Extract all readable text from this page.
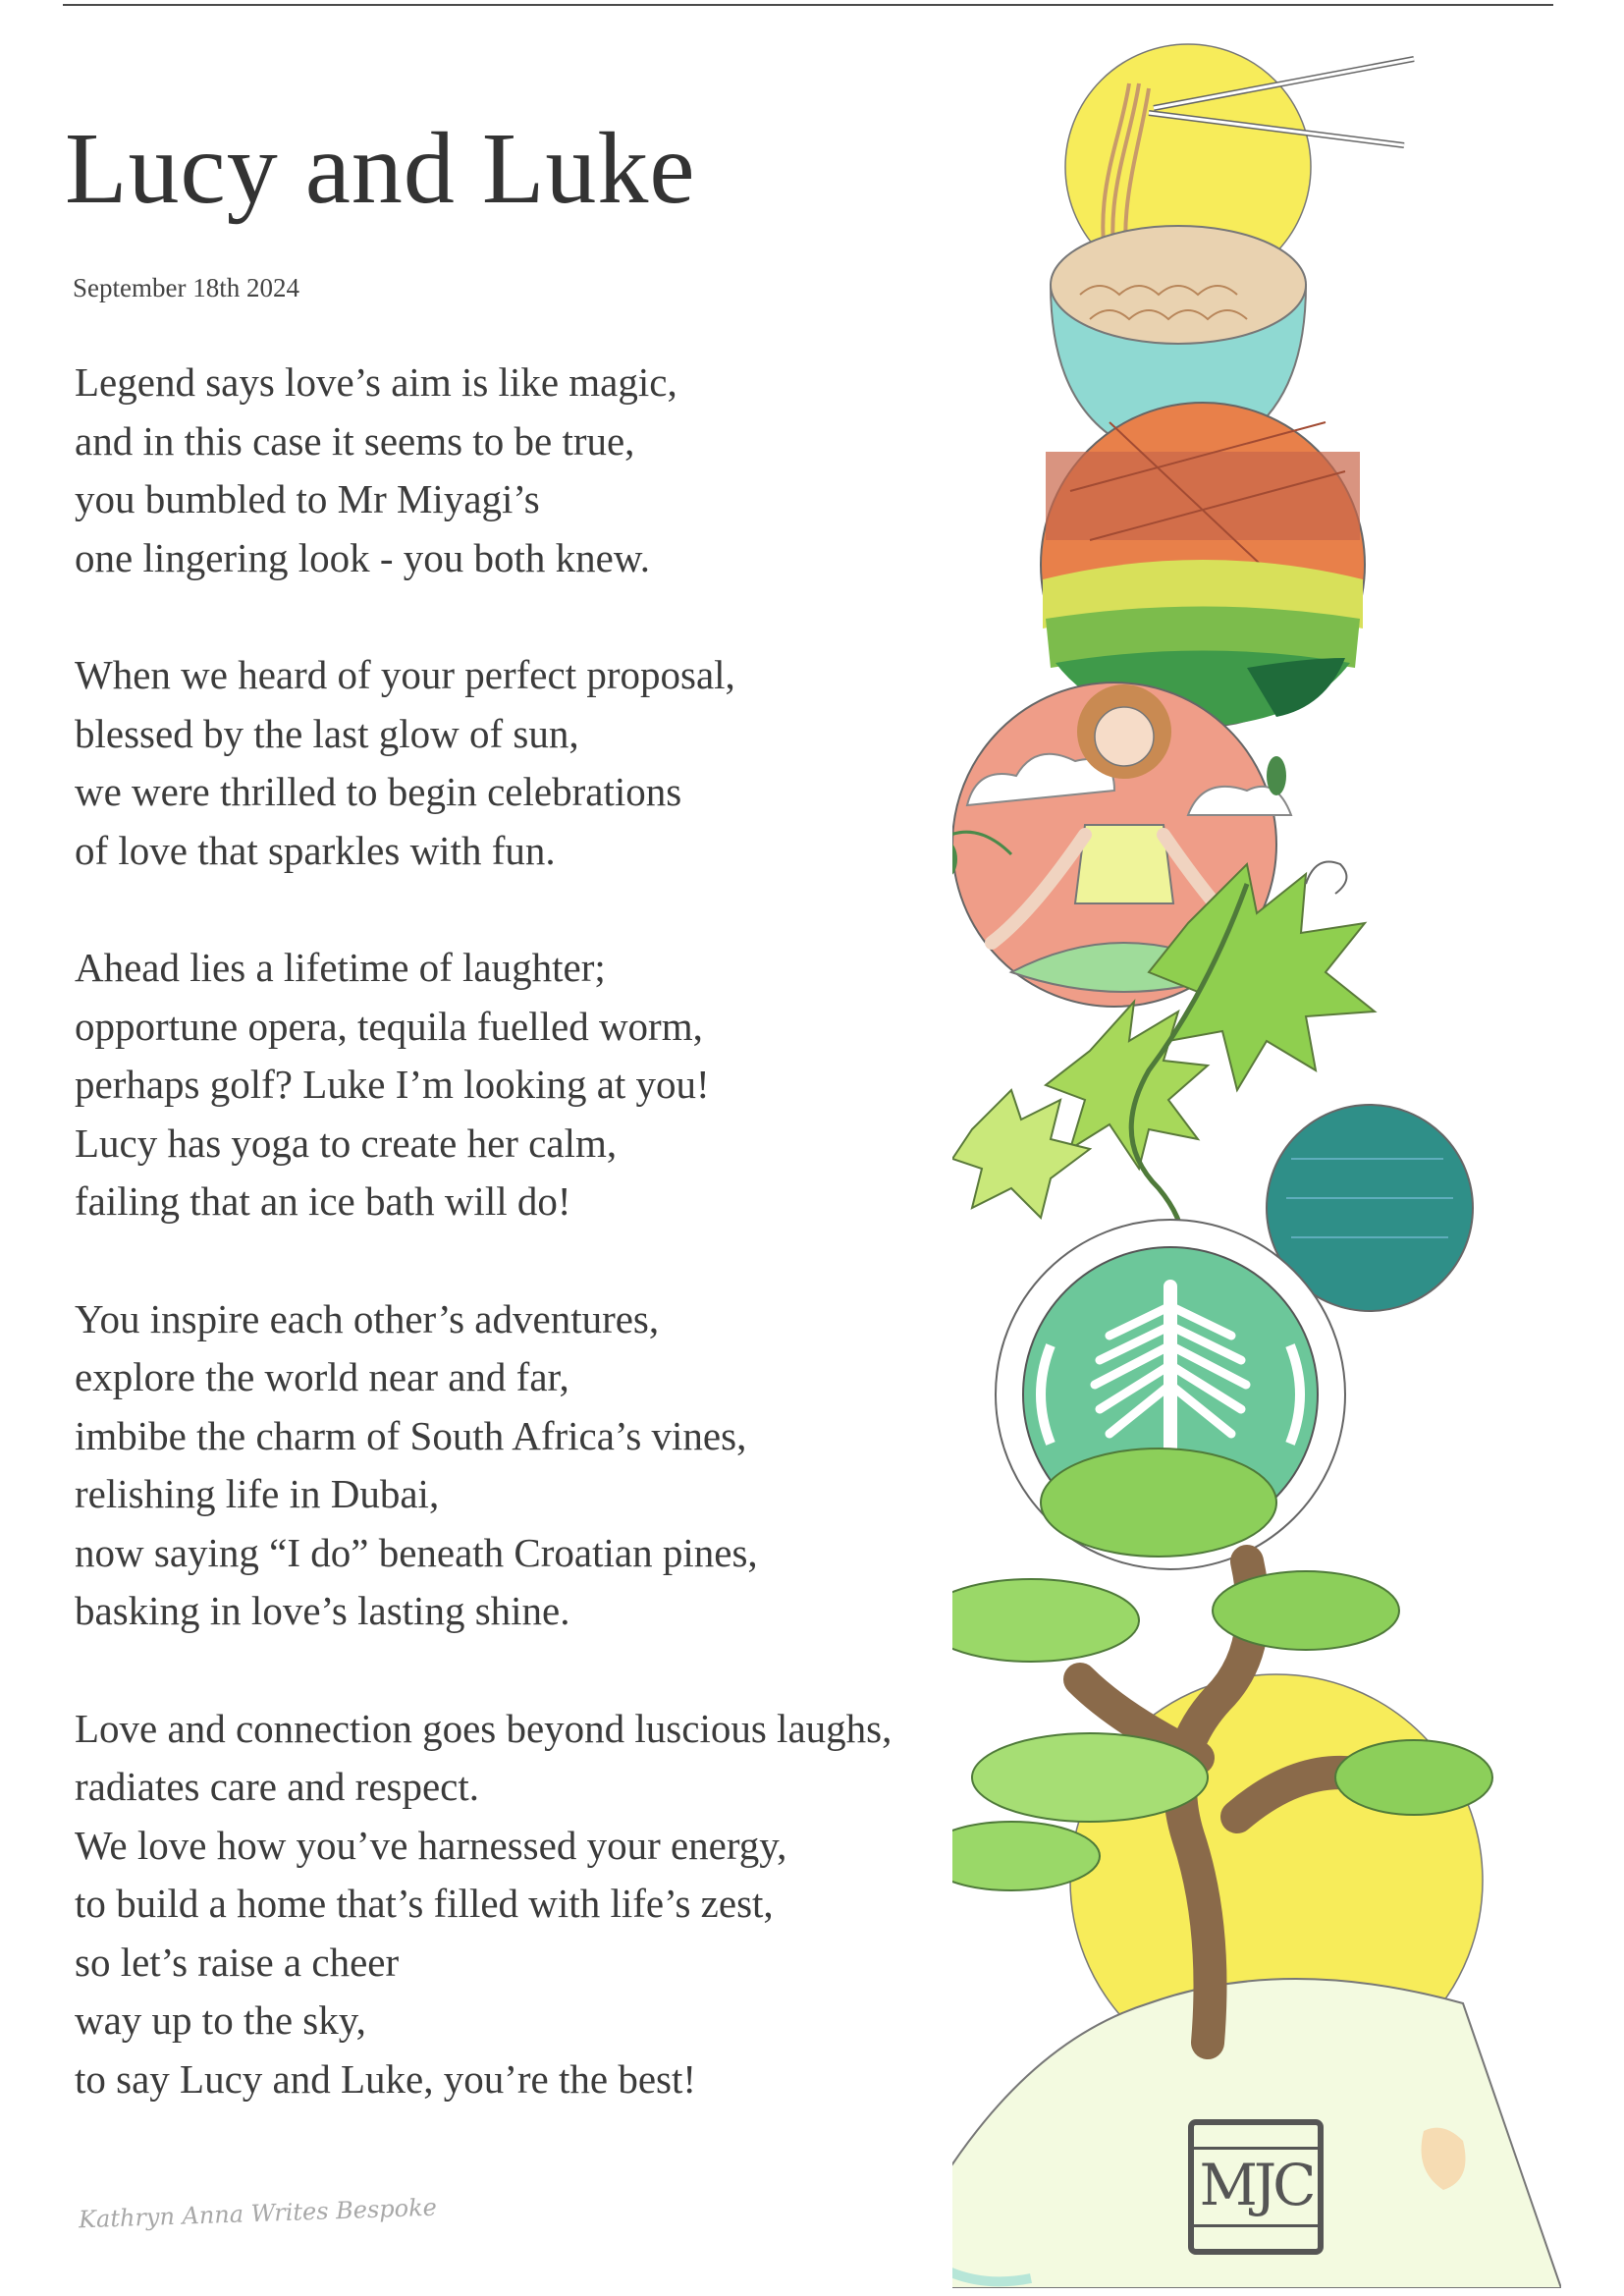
Lucy and Luke
September 18th 2024
Legend says love’s aim is like magic,
and in this case it seems to be true,
you bumbled to Mr Miyagi’s
one lingering look - you both knew.
When we heard of your perfect proposal,
blessed by the last glow of sun,
we were thrilled to begin celebrations
of love that sparkles with fun.
Ahead lies a lifetime of laughter;
opportune opera, tequila fuelled worm,
perhaps golf? Luke I’m looking at you!
Lucy has yoga to create her calm,
failing that an ice bath will do!
You inspire each other’s adventures,
explore the world near and far,
imbibe the charm of South Africa’s vines,
relishing life in Dubai,
now saying “I do” beneath Croatian pines,
basking in love’s lasting shine.
Love and connection goes beyond luscious laughs,
radiates care and respect.
We love how you’ve harnessed your energy,
to build a home that’s filled with life’s zest,
so let’s raise a cheer
way up to the sky,
to say Lucy and Luke, you’re the best!
Kathryn Anna Writes Bespoke	MJC
